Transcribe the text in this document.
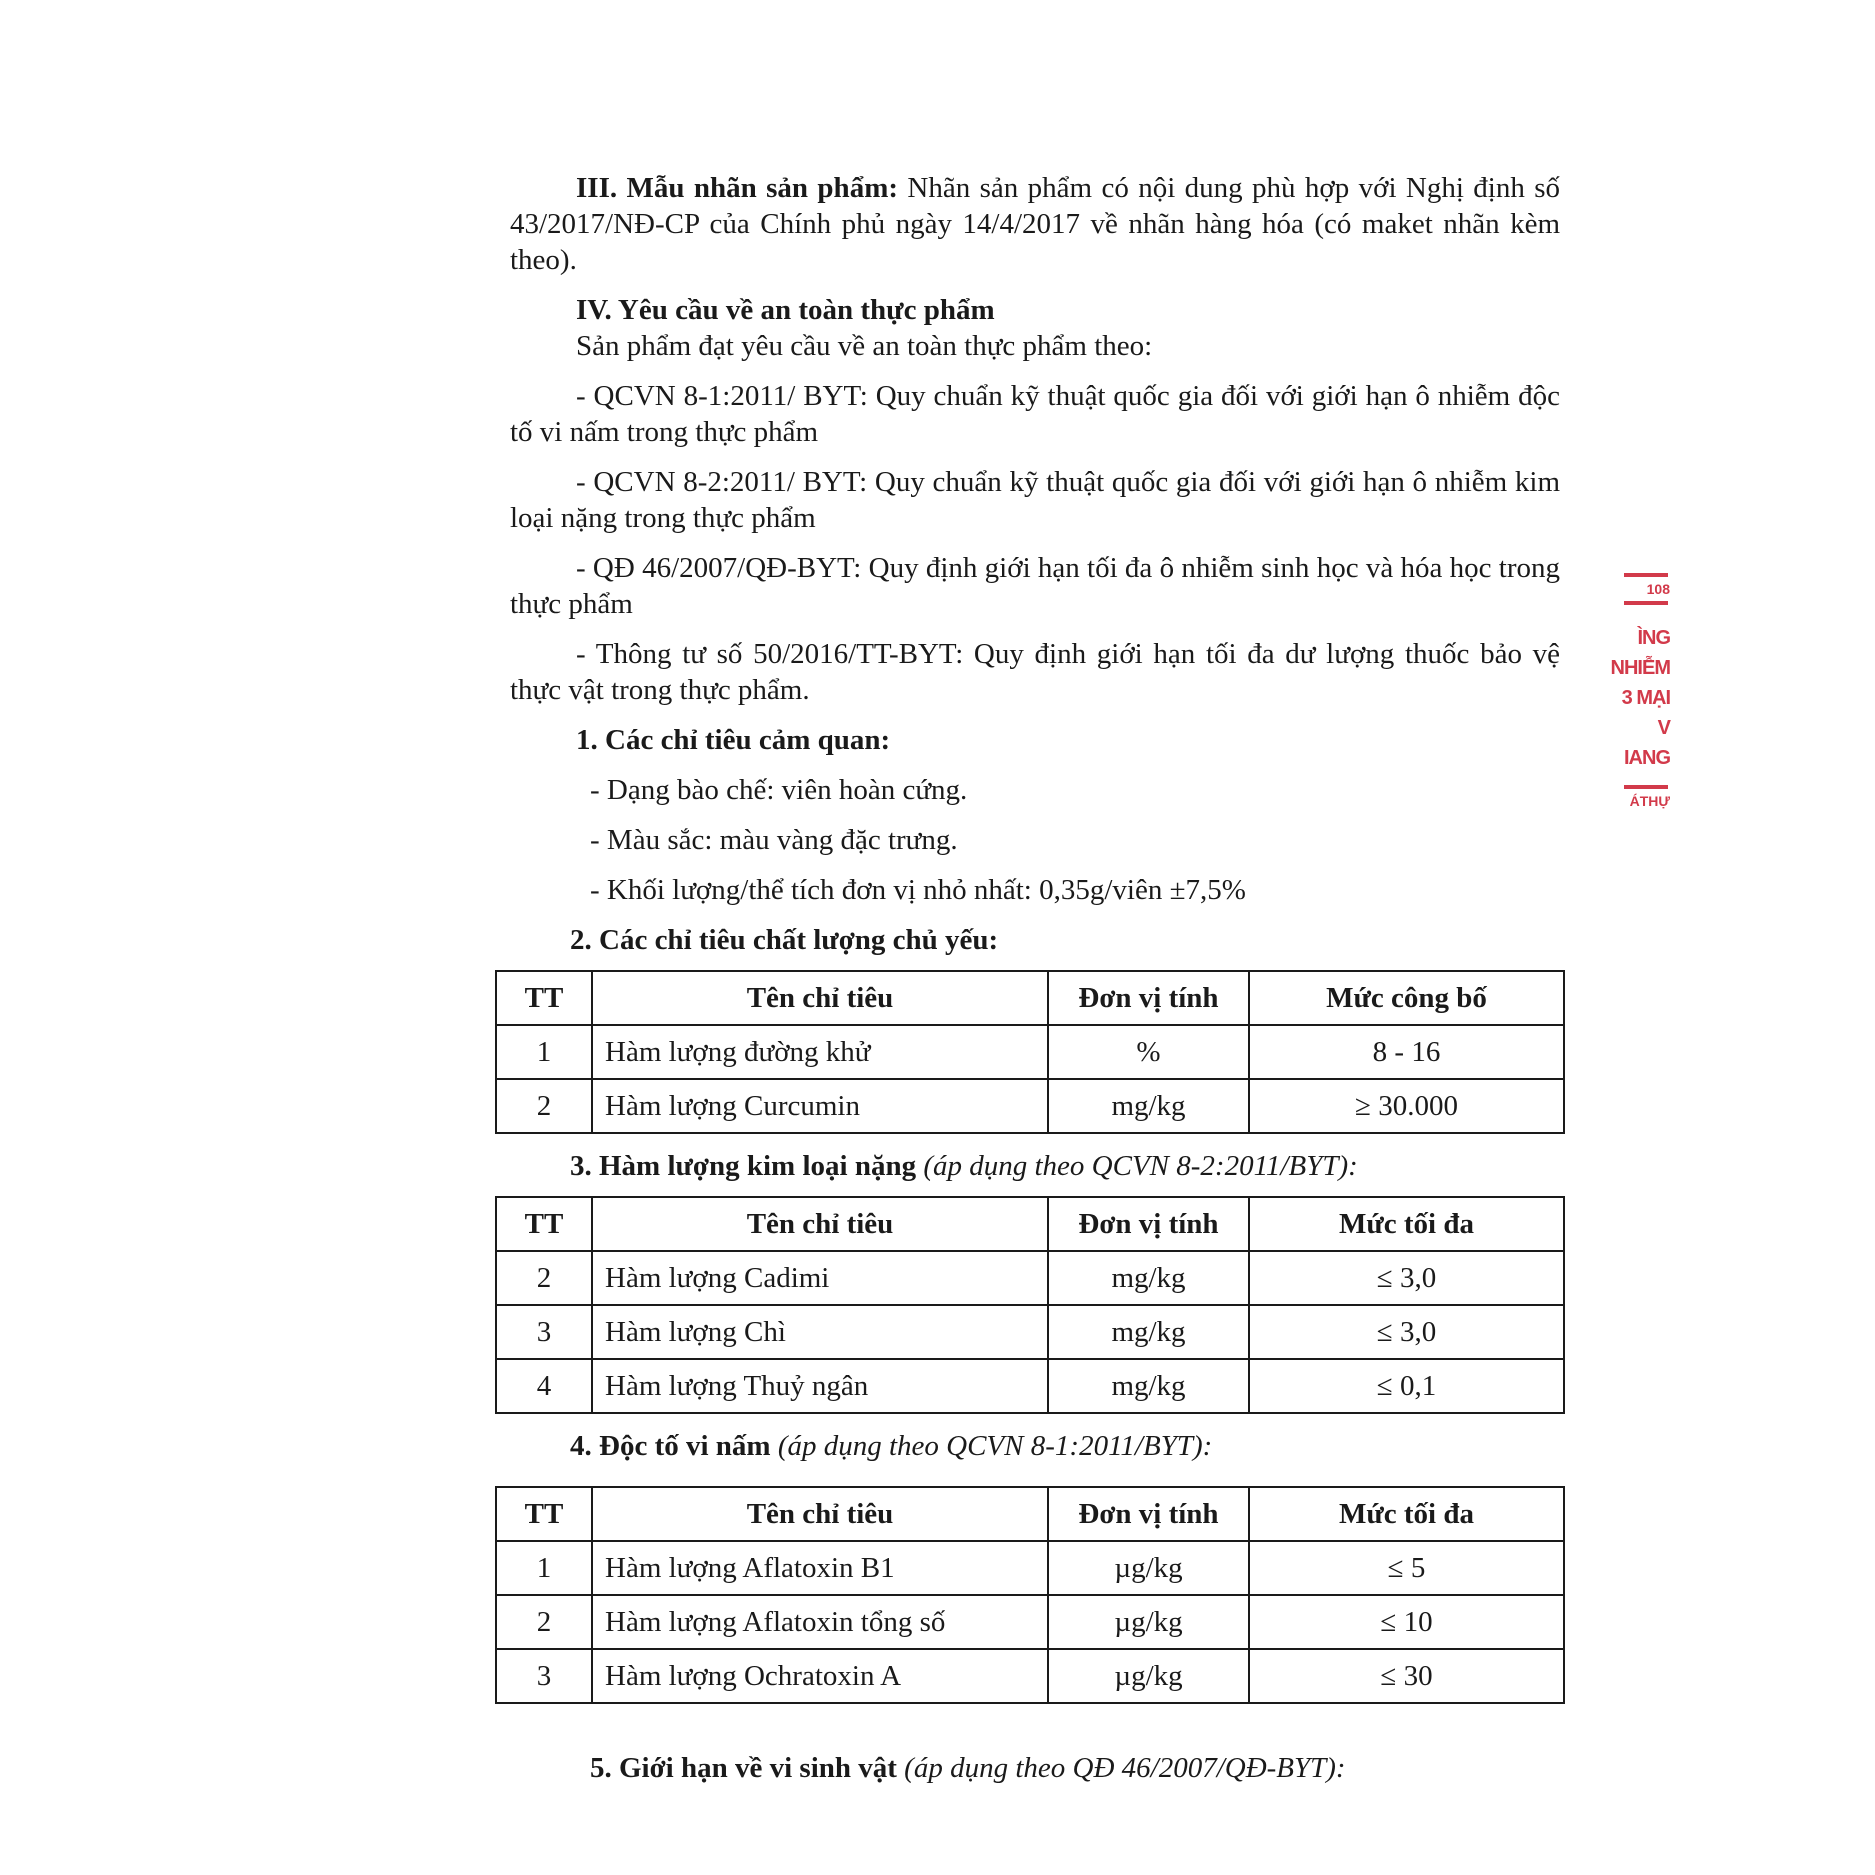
III. Mẫu nhãn sản phẩm: Nhãn sản phẩm có nội dung phù hợp với Nghị định số 43/2017/NĐ-CP của Chính phủ ngày 14/4/2017 về nhãn hàng hóa (có maket nhãn kèm theo).

IV. Yêu cầu về an toàn thực phẩm

Sản phẩm đạt yêu cầu về an toàn thực phẩm theo:

- QCVN 8-1:2011/ BYT: Quy chuẩn kỹ thuật quốc gia đối với giới hạn ô nhiễm độc tố vi nấm trong thực phẩm

- QCVN 8-2:2011/ BYT: Quy chuẩn kỹ thuật quốc gia đối với giới hạn ô nhiễm kim loại nặng trong thực phẩm

- QĐ 46/2007/QĐ-BYT: Quy định giới hạn tối đa ô nhiễm sinh học và hóa học trong thực phẩm

- Thông tư số 50/2016/TT-BYT: Quy định giới hạn tối đa dư lượng thuốc bảo vệ thực vật trong thực phẩm.

1. Các chỉ tiêu cảm quan:

- Dạng bào chế: viên hoàn cứng.

- Màu sắc: màu vàng đặc trưng.

- Khối lượng/thể tích đơn vị nhỏ nhất: 0,35g/viên ±7,5%

2. Các chỉ tiêu chất lượng chủ yếu:

TT	Tên chỉ tiêu	Đơn vị tính	Mức công bố
1	Hàm lượng đường khử	%	8 - 16
2	Hàm lượng Curcumin	mg/kg	≥ 30.000

3. Hàm lượng kim loại nặng (áp dụng theo QCVN 8-2:2011/BYT):

TT	Tên chỉ tiêu	Đơn vị tính	Mức tối đa
2	Hàm lượng Cadimi	mg/kg	≤ 3,0
3	Hàm lượng Chì	mg/kg	≤ 3,0
4	Hàm lượng Thuỷ ngân	mg/kg	≤ 0,1

4. Độc tố vi nấm (áp dụng theo QCVN 8-1:2011/BYT):

TT	Tên chỉ tiêu	Đơn vị tính	Mức tối đa
1	Hàm lượng Aflatoxin B1	µg/kg	≤ 5
2	Hàm lượng Aflatoxin tổng số	µg/kg	≤ 10
3	Hàm lượng Ochratoxin A	µg/kg	≤ 30

5. Giới hạn về vi sinh vật (áp dụng theo QĐ 46/2007/QĐ-BYT):

108
ÌNG
NHIỄM
3 MẠI V
IANG
ÁTHỰ
